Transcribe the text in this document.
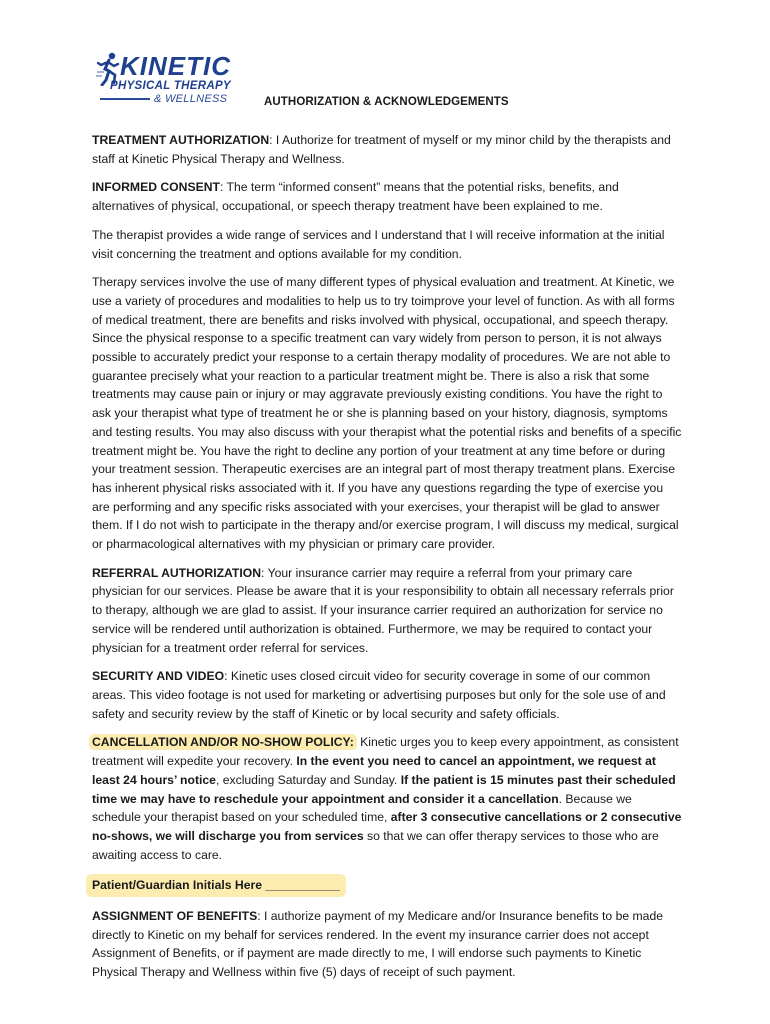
KINETIC
PHYSICAL THERAPY
& WELLNESS	AUTHORIZATION & ACKNOWLEDGEMENTS

TREATMENT AUTHORIZATION: I Authorize for treatment of myself or my minor child by the therapists and staff at Kinetic Physical Therapy and Wellness.

INFORMED CONSENT: The term “informed consent” means that the potential risks, benefits, and alternatives of physical, occupational, or speech therapy treatment have been explained to me.

The therapist provides a wide range of services and I understand that I will receive information at the initial visit concerning the treatment and options available for my condition.

Therapy services involve the use of many different types of physical evaluation and treatment. At Kinetic, we use a variety of procedures and modalities to help us to try toimprove your level of function. As with all forms of medical treatment, there are benefits and risks involved with physical, occupational, and speech therapy. Since the physical response to a specific treatment can vary widely from person to person, it is not always possible to accurately predict your response to a certain therapy modality of procedures. We are not able to guarantee precisely what your reaction to a particular treatment might be. There is also a risk that some treatments may cause pain or injury or may aggravate previously existing conditions. You have the right to ask your therapist what type of treatment he or she is planning based on your history, diagnosis, symptoms and testing results. You may also discuss with your therapist what the potential risks and benefits of a specific treatment might be. You have the right to decline any portion of your treatment at any time before or during your treatment session. Therapeutic exercises are an integral part of most therapy treatment plans. Exercise has inherent physical risks associated with it. If you have any questions regarding the type of exercise you are performing and any specific risks associated with your exercises, your therapist will be glad to answer them. If I do not wish to participate in the therapy and/or exercise program, I will discuss my medical, surgical or pharmacological alternatives with my physician or primary care provider.

REFERRAL AUTHORIZATION: Your insurance carrier may require a referral from your primary care physician for our services. Please be aware that it is your responsibility to obtain all necessary referrals prior to therapy, although we are glad to assist. If your insurance carrier required an authorization for service no service will be rendered until authorization is obtained. Furthermore, we may be required to contact your physician for a treatment order referral for services.

SECURITY AND VIDEO: Kinetic uses closed circuit video for security coverage in some of our common areas. This video footage is not used for marketing or advertising purposes but only for the sole use of and safety and security review by the staff of Kinetic or by local security and safety officials.

CANCELLATION AND/OR NO-SHOW POLICY: Kinetic urges you to keep every appointment, as consistent treatment will expedite your recovery. In the event you need to cancel an appointment, we request at least 24 hours’ notice, excluding Saturday and Sunday. If the patient is 15 minutes past their scheduled time we may have to reschedule your appointment and consider it a cancellation. Because we schedule your therapist based on your scheduled time, after 3 consecutive cancellations or 2 consecutive no-shows, we will discharge you from services so that we can offer therapy services to those who are awaiting access to care.

Patient/Guardian Initials Here ___________

ASSIGNMENT OF BENEFITS: I authorize payment of my Medicare and/or Insurance benefits to be made directly to Kinetic on my behalf for services rendered. In the event my insurance carrier does not accept Assignment of Benefits, or if payment are made directly to me, I will endorse such payments to Kinetic Physical Therapy and Wellness within five (5) days of receipt of such payment.
